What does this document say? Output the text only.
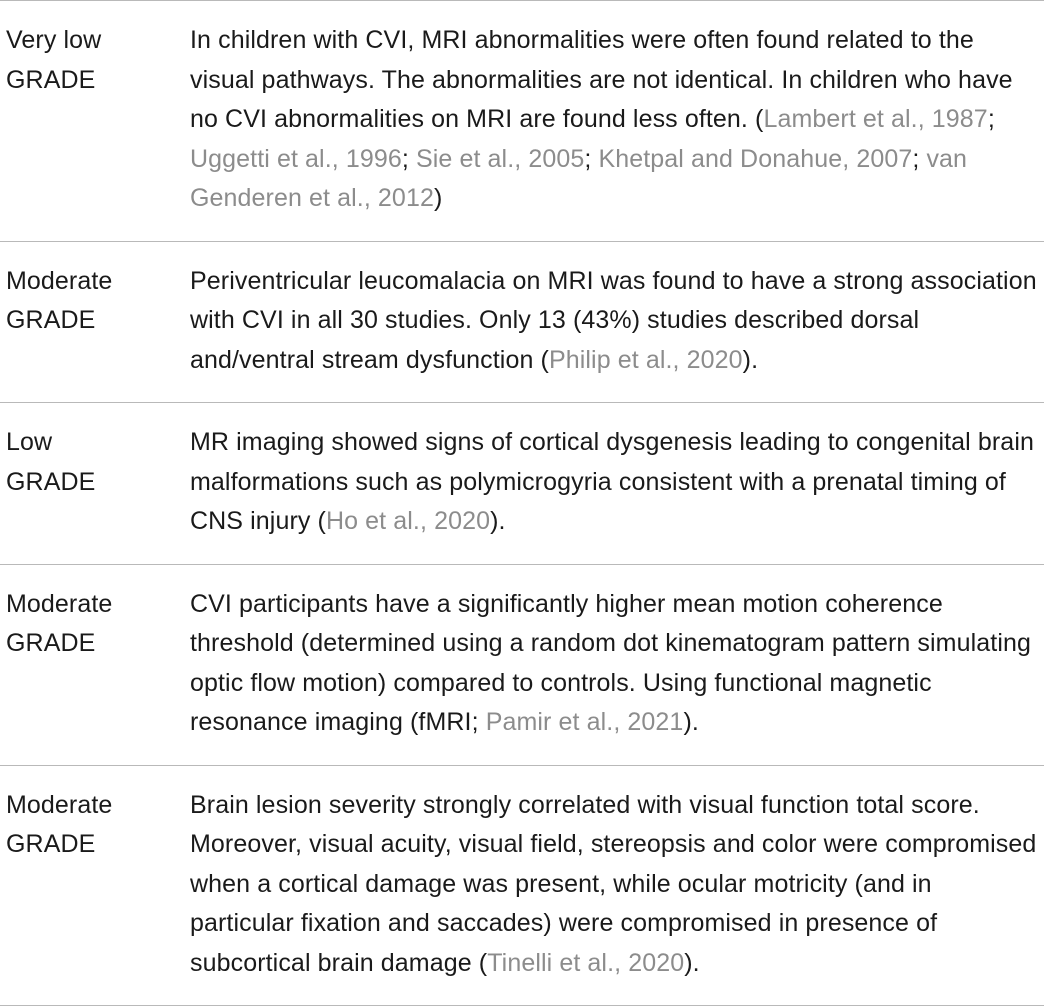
Very low
GRADE
In children with CVI, MRI abnormalities were often found related to the visual pathways. The abnormalities are not identical. In children who have no CVI abnormalities on MRI are found less often. (Lambert et al., 1987; Uggetti et al., 1996; Sie et al., 2005; Khetpal and Donahue, 2007; van Genderen et al., 2012)
Moderate
GRADE
Periventricular leucomalacia on MRI was found to have a strong association with CVI in all 30 studies. Only 13 (43%) studies described dorsal and/ventral stream dysfunction (Philip et al., 2020).
Low
GRADE
MR imaging showed signs of cortical dysgenesis leading to congenital brain malformations such as polymicrogyria consistent with a prenatal timing of CNS injury (Ho et al., 2020).
Moderate
GRADE
CVI participants have a significantly higher mean motion coherence threshold (determined using a random dot kinematogram pattern simulating optic flow motion) compared to controls. Using functional magnetic resonance imaging (fMRI; Pamir et al., 2021).
Moderate
GRADE
Brain lesion severity strongly correlated with visual function total score. Moreover, visual acuity, visual field, stereopsis and color were compromised when a cortical damage was present, while ocular motricity (and in particular fixation and saccades) were compromised in presence of subcortical brain damage (Tinelli et al., 2020).
